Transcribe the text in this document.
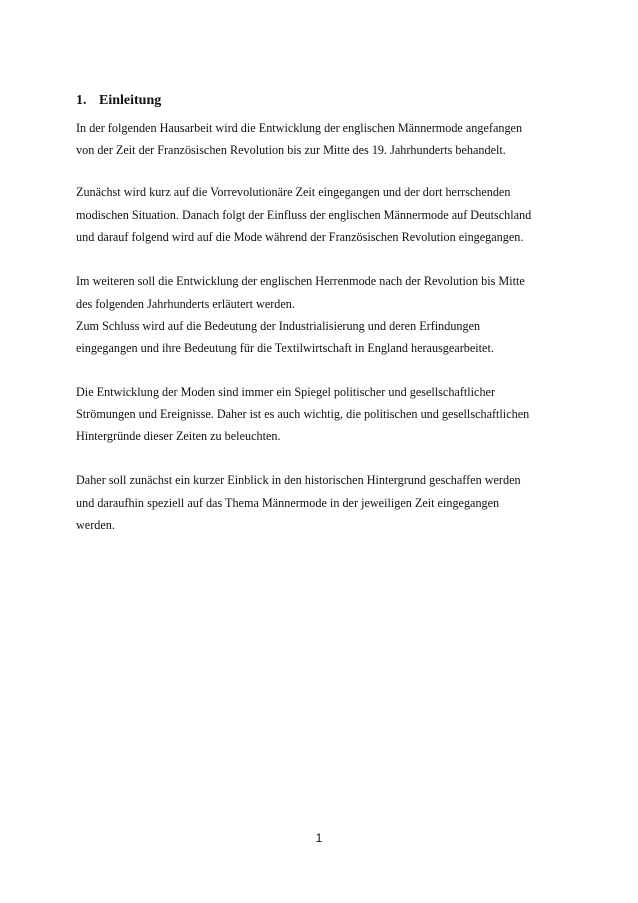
1. Einleitung

In der folgenden Hausarbeit wird die Entwicklung der englischen Männermode angefangen

von der Zeit der Französischen Revolution bis zur Mitte des 19. Jahrhunderts behandelt.

Zunächst wird kurz auf die Vorrevolutionäre Zeit eingegangen und der dort herrschenden

modischen Situation. Danach folgt der Einfluss der englischen Männermode auf Deutschland

und darauf folgend wird auf die Mode während der Französischen Revolution eingegangen.

Im weiteren soll die Entwicklung der englischen Herrenmode nach der Revolution bis Mitte

des folgenden Jahrhunderts erläutert werden.

Zum Schluss wird auf die Bedeutung der Industrialisierung und deren Erfindungen

eingegangen und ihre Bedeutung für die Textilwirtschaft in England herausgearbeitet.

Die Entwicklung der Moden sind immer ein Spiegel politischer und gesellschaftlicher

Strömungen und Ereignisse. Daher ist es auch wichtig, die politischen und gesellschaftlichen

Hintergründe dieser Zeiten zu beleuchten.

Daher soll zunächst ein kurzer Einblick in den historischen Hintergrund geschaffen werden

und daraufhin speziell auf das Thema Männermode in der jeweiligen Zeit eingegangen

werden.

1
